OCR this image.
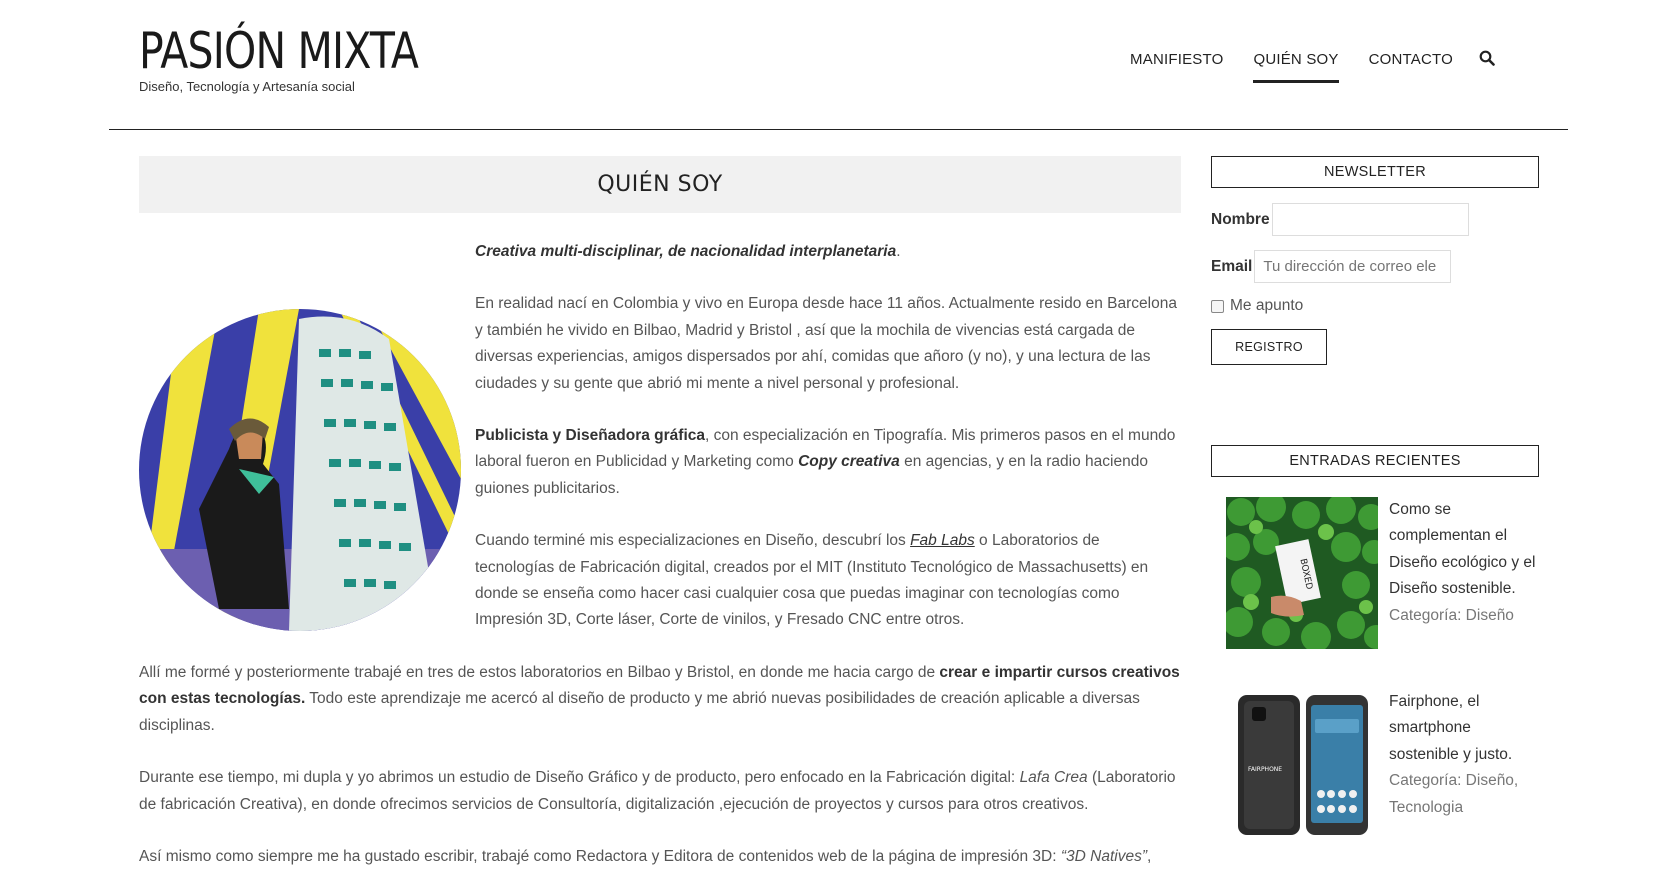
PASIÓN MIXTA
Diseño, Tecnología y Artesanía social
MANIFIESTO QUIÉN SOY CONTACTO
QUIÉN SOY

Creativa multi-disciplinar, de nacionalidad interplanetaria.

En realidad nací en Colombia y vivo en Europa desde hace 11 años. Actualmente resido en Barcelona y también he vivido en Bilbao, Madrid y Bristol , así que la mochila de vivencias está cargada de diversas experiencias, amigos dispersados por ahí, comidas que añoro (y no), y una lectura de las ciudades y su gente que abrió mi mente a nivel personal y profesional.

Publicista y Diseñadora gráfica, con especialización en Tipografía. Mis primeros pasos en el mundo laboral fueron en Publicidad y Marketing como Copy creativa en agencias, y en la radio haciendo guiones publicitarios.

Cuando terminé mis especializaciones en Diseño, descubrí los Fab Labs o Laboratorios de tecnologías de Fabricación digital, creados por el MIT (Instituto Tecnológico de Massachusetts) en donde se enseña como hacer casi cualquier cosa que puedas imaginar con tecnologías como Impresión 3D, Corte láser, Corte de vinilos, y Fresado CNC entre otros.

Allí me formé y posteriormente trabajé en tres de estos laboratorios en Bilbao y Bristol, en donde me hacia cargo de crear e impartir cursos creativos con estas tecnologías. Todo este aprendizaje me acercó al diseño de producto y me abrió nuevas posibilidades de creación aplicable a diversas disciplinas.

Durante ese tiempo, mi dupla y yo abrimos un estudio de Diseño Gráfico y de producto, pero enfocado en la Fabricación digital: Lafa Crea (Laboratorio de fabricación Creativa), en donde ofrecimos servicios de Consultoría, digitalización ,ejecución de proyectos y cursos para otros creativos.

Así mismo como siempre me ha gustado escribir, trabajé como Redactora y Editora de contenidos web de la página de impresión 3D: “3D Natives”,

NEWSLETTER
Nombre
Email
Tu dirección de correo ele
Me apunto
REGISTRO
ENTRADAS RECIENTES
BOXED
Como se complementan el Diseño ecológico y el Diseño sostenible.
Categoría: Diseño
FAIRPHONE
Fairphone, el smartphone sostenible y justo.
Categoría: Diseño, Tecnologia
